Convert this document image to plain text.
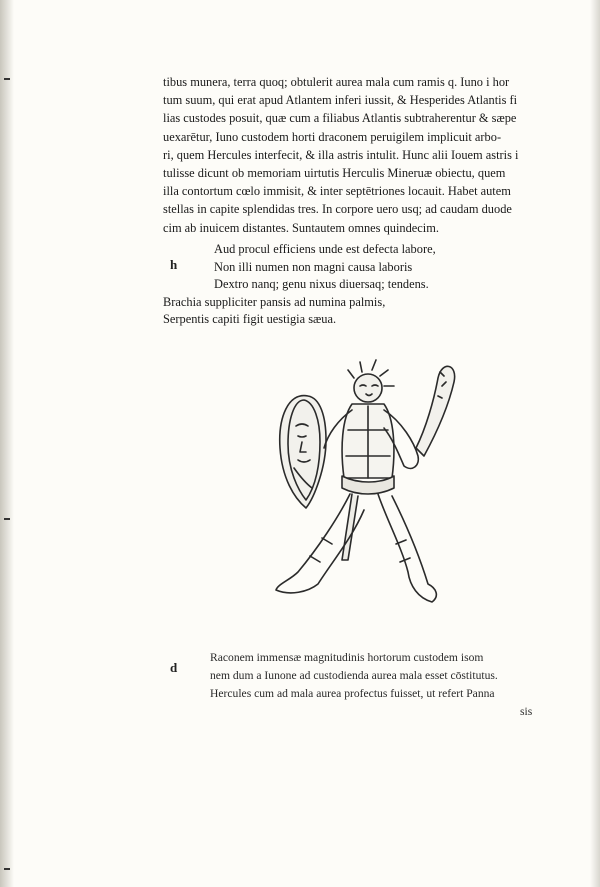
tibus munera, terra quoq; obtulerit aurea mala cum ramis q. Iuno i hor
tum suum, qui erat apud Atlantem inferi iussit, & Hesperides Atlantis fi
lias custodes posuit, quæ cum a filiabus Atlantis subtraherentur & sæpe
uexarētur, Iuno custodem horti draconem peruigilem implicuit arbo-
ri, quem Hercules interfecit, & illa astris intulit. Hunc alii Iouem astris i
tulisse dicunt ob memoriam uirtutis Herculis Mineruæ obiectu, quem
illa contortum cœlo immisit, & inter septētriones locauit. Habet autem
stellas in capite splendidas tres. In corpore uero usq; ad caudam duode
cim ab inuicem distantes. Suntautem omnes quindecim.
h
Aud procul efficiens unde est defecta labore,
Non illi numen non magni causa laboris
Dextro nanq; genu nixus diuersaq; tendens.
Brachia suppliciter pansis ad numina palmis,
Serpentis capiti figit uestigia sæua.
d
Raconem immensæ magnitudinis hortorum custodem isom
nem dum a Iunone ad custodienda aurea mala esset cōstitutus.
Hercules cum ad mala aurea profectus fuisset, ut refert Panna
sis
